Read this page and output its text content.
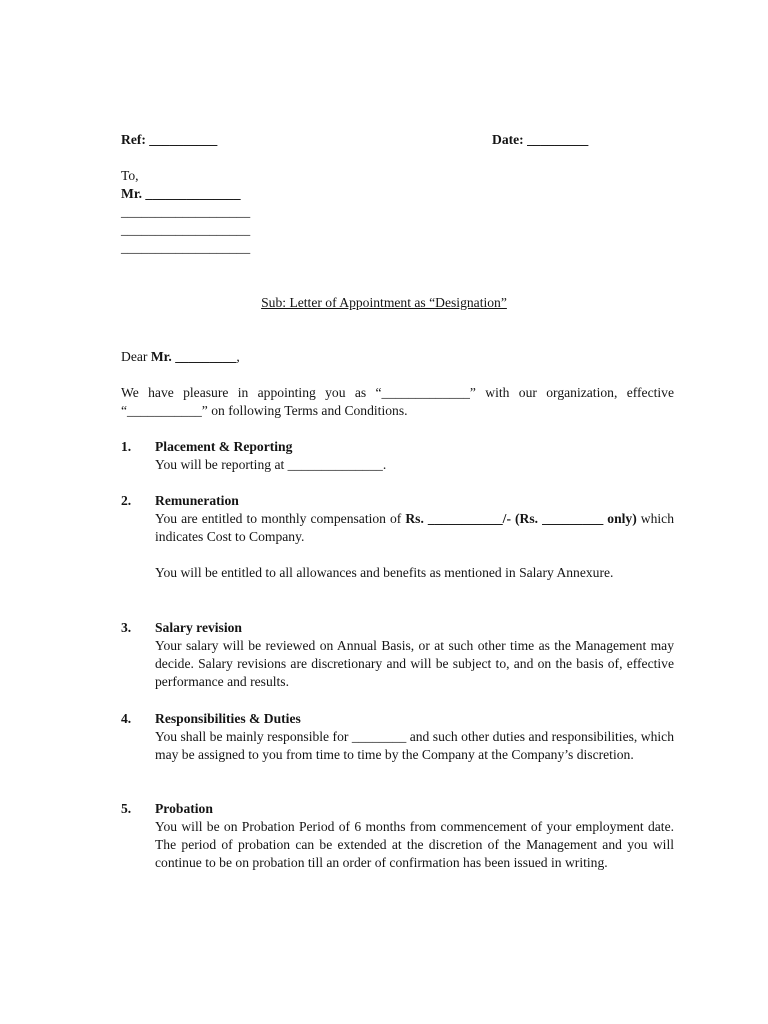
Ref: __________	Date: _________
To,
Mr. ______________
___________________
___________________
___________________
Sub: Letter of Appointment as “Designation”
Dear Mr. _________,
We have pleasure in appointing you as “_____________” with our organization, effective “___________” on following Terms and Conditions.
1. Placement & Reporting

You will be reporting at ______________.

2. Remuneration

You are entitled to monthly compensation of Rs. ___________/- (Rs. _________ only) which indicates Cost to Company.

You will be entitled to all allowances and benefits as mentioned in Salary Annexure.

3. Salary revision

Your salary will be reviewed on Annual Basis, or at such other time as the Management may decide. Salary revisions are discretionary and will be subject to, and on the basis of, effective performance and results.

4. Responsibilities & Duties

You shall be mainly responsible for ________ and such other duties and responsibilities, which may be assigned to you from time to time by the Company at the Company’s discretion.

5. Probation

You will be on Probation Period of 6 months from commencement of your employment date. The period of probation can be extended at the discretion of the Management and you will continue to be on probation till an order of confirmation has been issued in writing.
